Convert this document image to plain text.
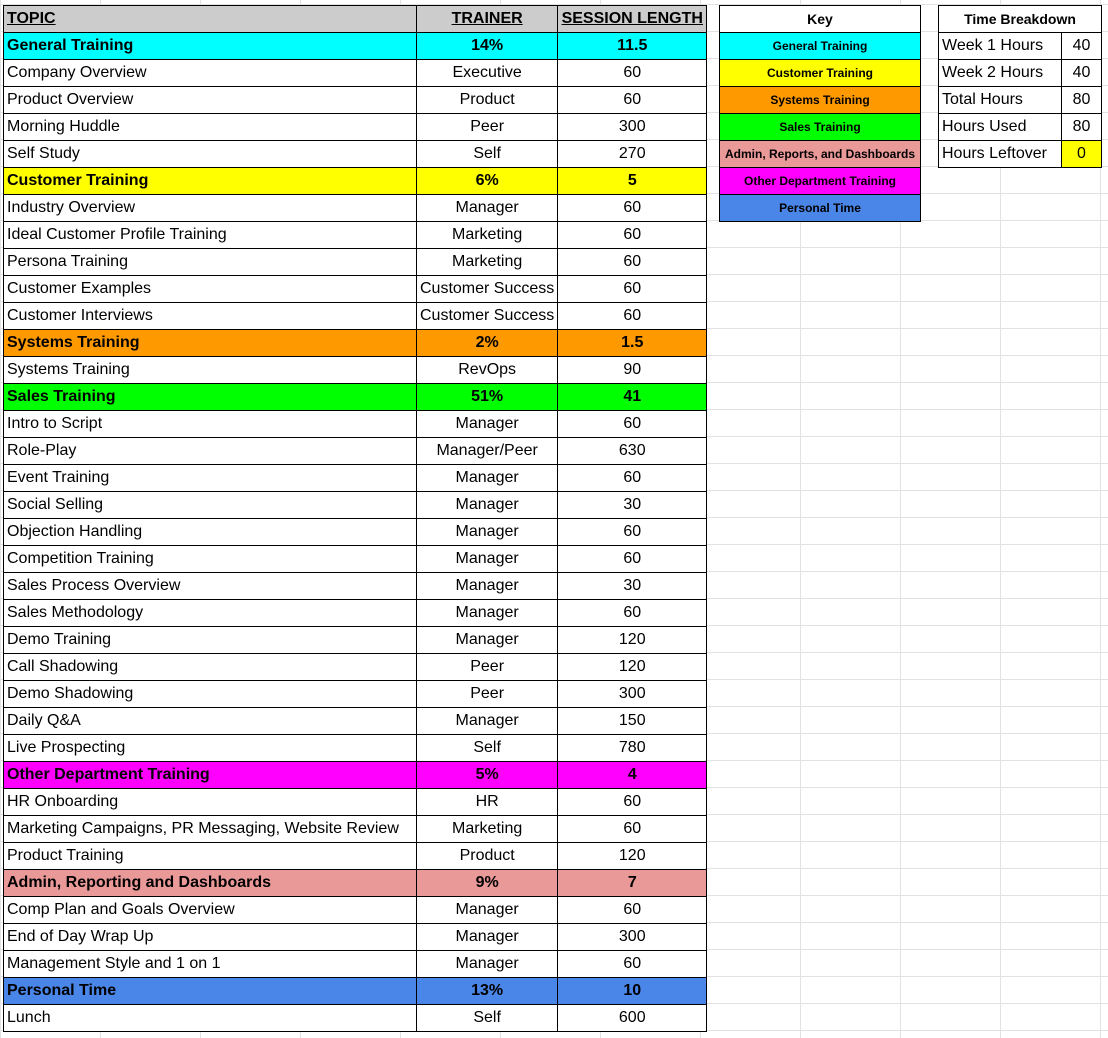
TOPIC	TRAINER	SESSION LENGTH
General Training	14%	11.5
Company Overview	Executive	60
Product Overview	Product	60
Morning Huddle	Peer	300
Self Study	Self	270
Customer Training	6%	5
Industry Overview	Manager	60
Ideal Customer Profile Training	Marketing	60
Persona Training	Marketing	60
Customer Examples	Customer Success	60
Customer Interviews	Customer Success	60
Systems Training	2%	1.5
Systems Training	RevOps	90
Sales Training	51%	41
Intro to Script	Manager	60
Role-Play	Manager/Peer	630
Event Training	Manager	60
Social Selling	Manager	30
Objection Handling	Manager	60
Competition Training	Manager	60
Sales Process Overview	Manager	30
Sales Methodology	Manager	60
Demo Training	Manager	120
Call Shadowing	Peer	120
Demo Shadowing	Peer	300
Daily Q&A	Manager	150
Live Prospecting	Self	780
Other Department Training	5%	4
HR Onboarding	HR	60
Marketing Campaigns, PR Messaging, Website Review	Marketing	60
Product Training	Product	120
Admin, Reporting and Dashboards	9%	7
Comp Plan and Goals Overview	Manager	60
End of Day Wrap Up	Manager	300
Management Style and 1 on 1	Manager	60
Personal Time	13%	10
Lunch	Self	600
Key
General Training
Customer Training
Systems Training
Sales Training
Admin, Reports, and Dashboards
Other Department Training
Personal Time
Time Breakdown	
Week 1 Hours	40
Week 2 Hours	40
Total Hours	80
Hours Used	80
Hours Leftover	0
